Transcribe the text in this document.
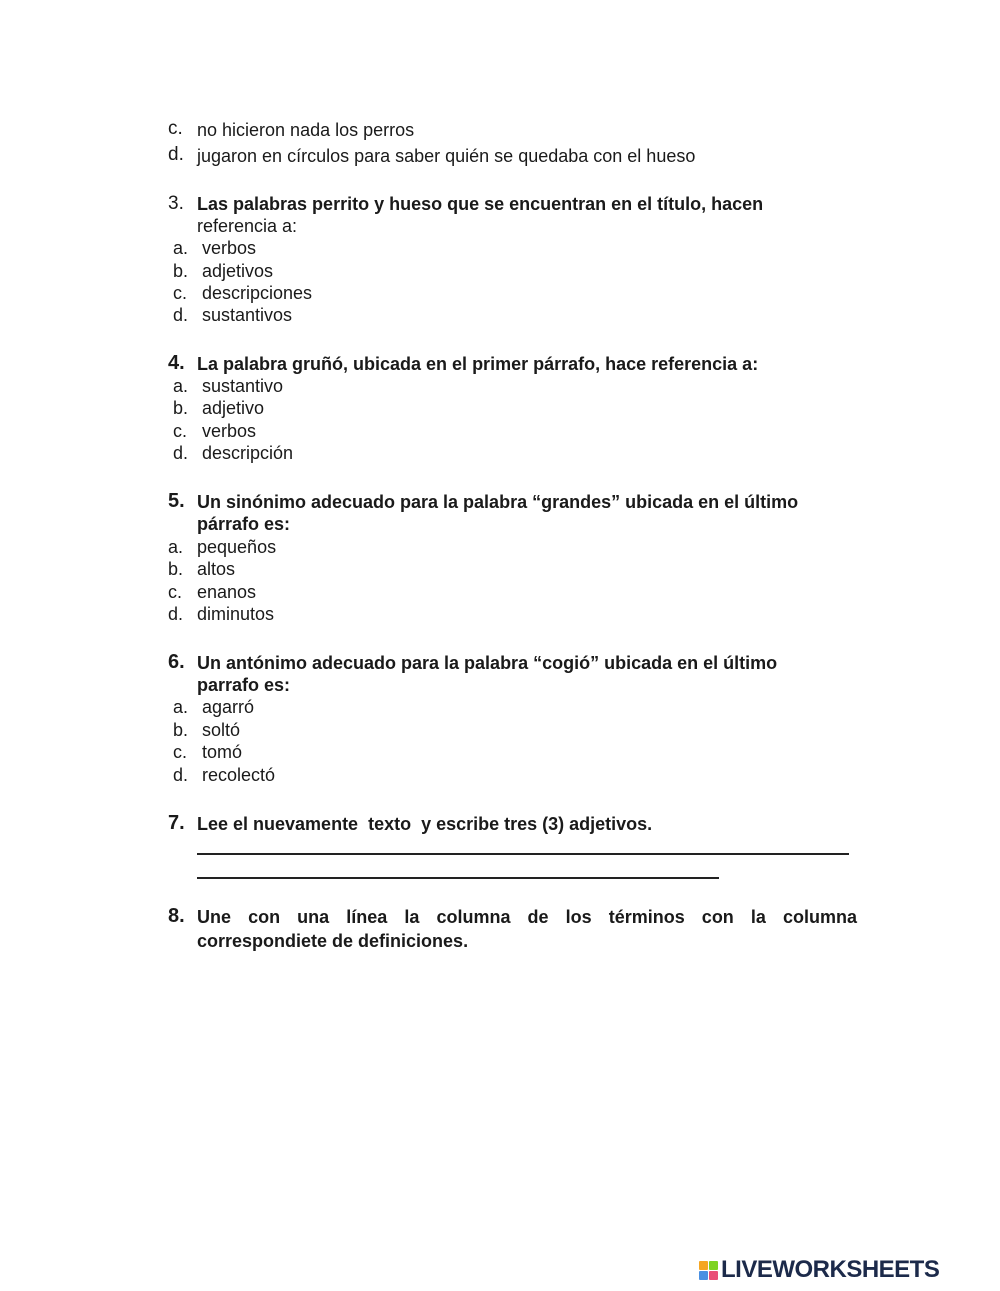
c. no hicieron nada los perros
d. jugaron en círculos para saber quién se quedaba con el hueso
3. Las palabras perrito y hueso que se encuentran en el título, hacen
referencia a:
a. verbos
b. adjetivos
c. descripciones
d. sustantivos
4. La palabra gruñó, ubicada en el primer párrafo, hace referencia a:
a. sustantivo
b. adjetivo
c. verbos
d. descripción
5. Un sinónimo adecuado para la palabra “grandes” ubicada en el último
párrafo es:
a. pequeños
b. altos
c. enanos
d. diminutos
6. Un antónimo adecuado para la palabra “cogió” ubicada en el último
parrafo es:
a. agarró
b. soltó
c. tomó
d. recolectó
7. Lee el nuevamente  texto  y escribe tres (3) adjetivos.
8. Une con una línea la columna de los términos con la columna correspondiete de definiciones.
LIVEWORKSHEETS
